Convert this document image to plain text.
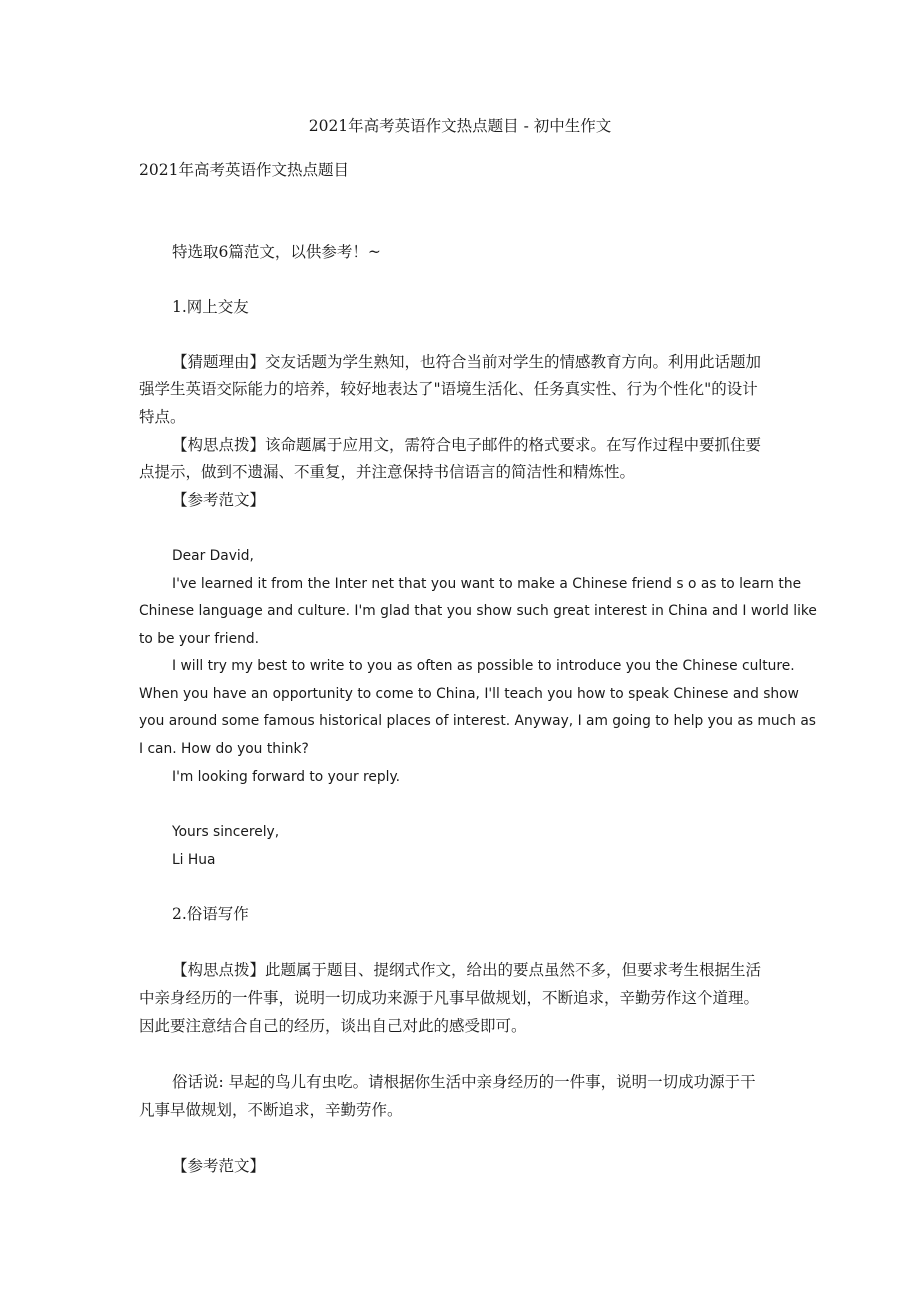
2021年高考英语作文热点题目 - 初中生作文
2021年高考英语作文热点题目
特选取6篇范文，以供参考！~
1.网上交友
【猜题理由】交友话题为学生熟知，也符合当前对学生的情感教育方向。利用此话题加
强学生英语交际能力的培养，较好地表达了"语境生活化、任务真实性、行为个性化"的设计
特点。
【构思点拨】该命题属于应用文，需符合电子邮件的格式要求。在写作过程中要抓住要
点提示，做到不遗漏、不重复，并注意保持书信语言的简洁性和精炼性。
【参考范文】
Dear David,
I've learned it from the Inter net that you want to make a Chinese friend s o as to learn the
Chinese language and culture. I'm glad that you show such great interest in China and I world like
to be your friend.
I will try my best to write to you as often as possible to introduce you the Chinese culture.
When you have an opportunity to come to China, I'll teach you how to speak Chinese and show
you around some famous historical places of interest. Anyway, I am going to help you as much as
I can. How do you think?
I'm looking forward to your reply.
Yours sincerely,
Li Hua
2.俗语写作
【构思点拨】此题属于题目、提纲式作文，给出的要点虽然不多，但要求考生根据生活
中亲身经历的一件事，说明一切成功来源于凡事早做规划，不断追求，辛勤劳作这个道理。
因此要注意结合自己的经历，谈出自己对此的感受即可。
俗话说: 早起的鸟儿有虫吃。请根据你生活中亲身经历的一件事，说明一切成功源于干
凡事早做规划，不断追求，辛勤劳作。
【参考范文】
